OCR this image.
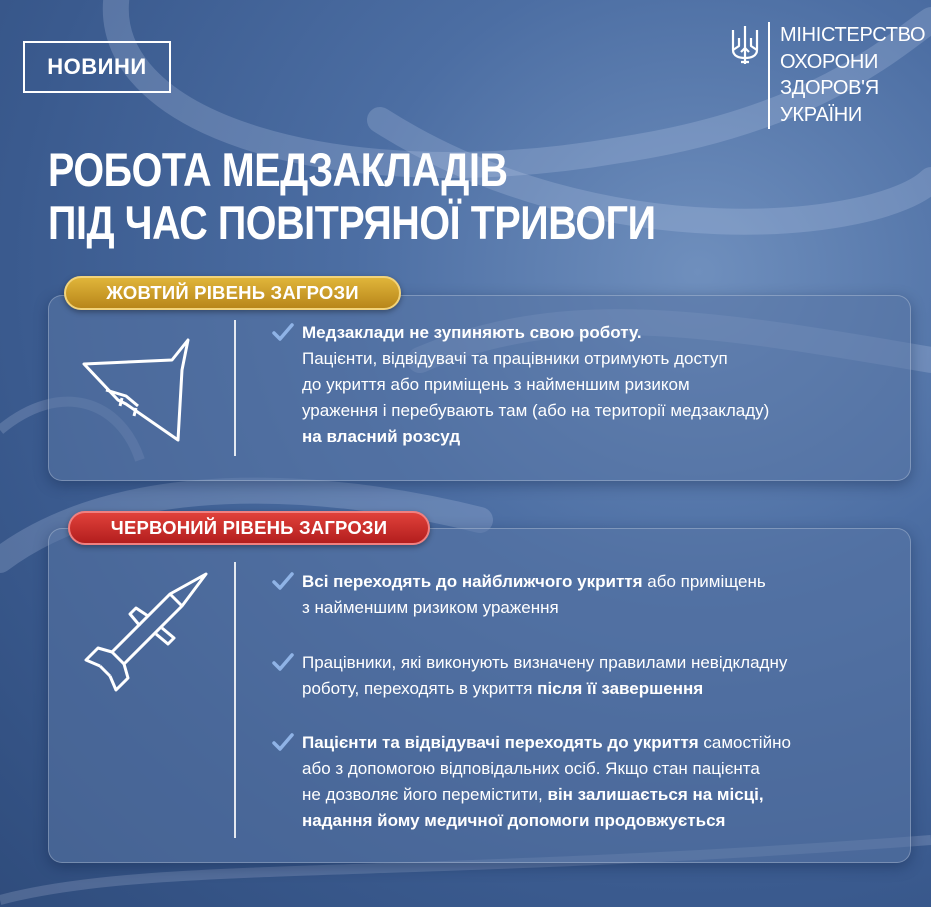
НОВИНИ
МІНІСТЕРСТВО
ОХОРОНИ
ЗДОРОВ'Я
УКРАЇНИ
РОБОТА МЕДЗАКЛАДІВ
ПІД ЧАС ПОВІТРЯНОЇ ТРИВОГИ
ЖОВТИЙ РІВЕНЬ ЗАГРОЗИ
Медзаклади не зупиняють свою роботу.
Пацієнти, відвідувачі та працівники отримують доступ
до укриття або приміщень з найменшим ризиком
ураження і перебувають там (або на території медзакладу)
на власний розсуд
ЧЕРВОНИЙ РІВЕНЬ ЗАГРОЗИ
Всі переходять до найближчого укриття або приміщень
з найменшим ризиком ураження
Працівники, які виконують визначену правилами невідкладну
роботу, переходять в укриття після її завершення
Пацієнти та відвідувачі переходять до укриття самостійно
або з допомогою відповідальних осіб. Якщо стан пацієнта
не дозволяє його перемістити, він залишається на місці,
надання йому медичної допомоги продовжується
